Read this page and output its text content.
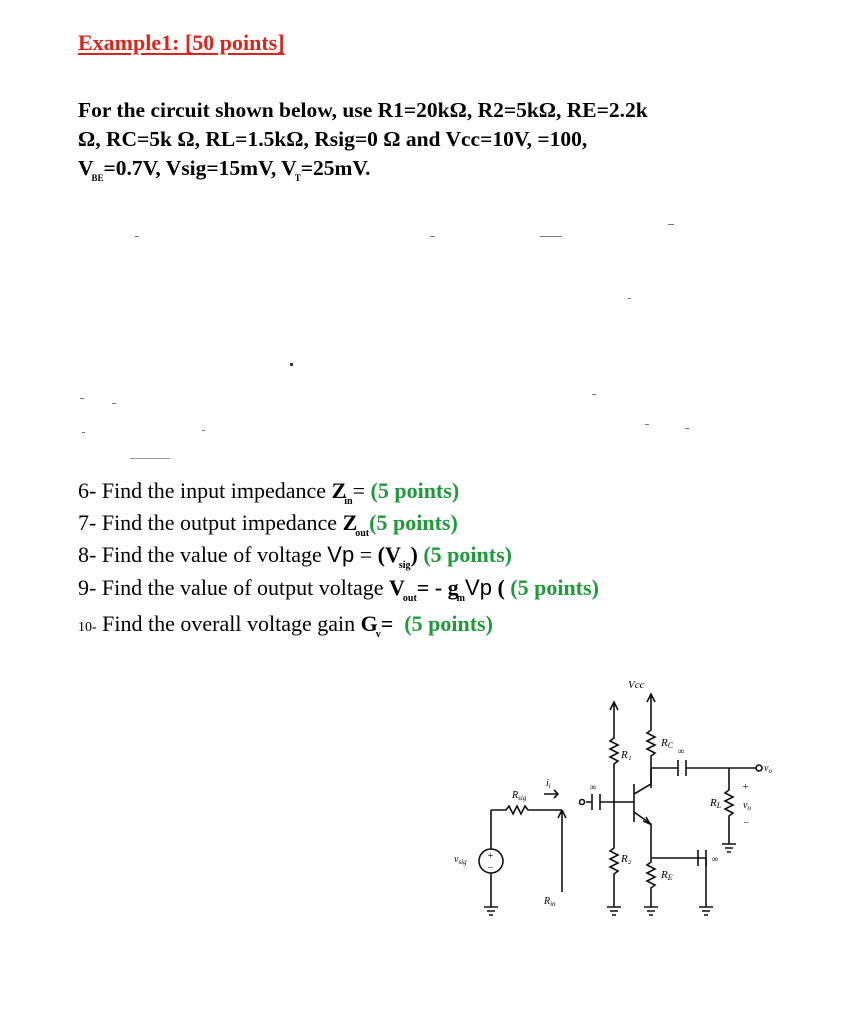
Example1: [50 points]
For the circuit shown below, use R1=20kΩ, R2=5kΩ, RE=2.2k
Ω, RC=5k Ω, RL=1.5kΩ, Rsig=0 Ω and Vcc=10V, =100,
$V_{BE}=0.7V$, Vsig=15mV, $V_T=25mV$.
6- Find the input impedance $Z_{in}= (5$ points)
7- Find the output impedance $Z_{out}(5$ points)
8- Find the value of voltage $Vp = (V_{sig})$ (5 points)
9- Find the value of output voltage $V_{out}= - g_mVp$ ( (5 points)
10- Find the overall voltage gain $G_v= (5$ points)
+
−
Vcc
R₁
R₂
RC
RE
RL
$R_{sig}$
$R_{in}$
$v_{sig}$
$i_i$	∞
∞
∞
$v_o$
+
$v_o$
−
